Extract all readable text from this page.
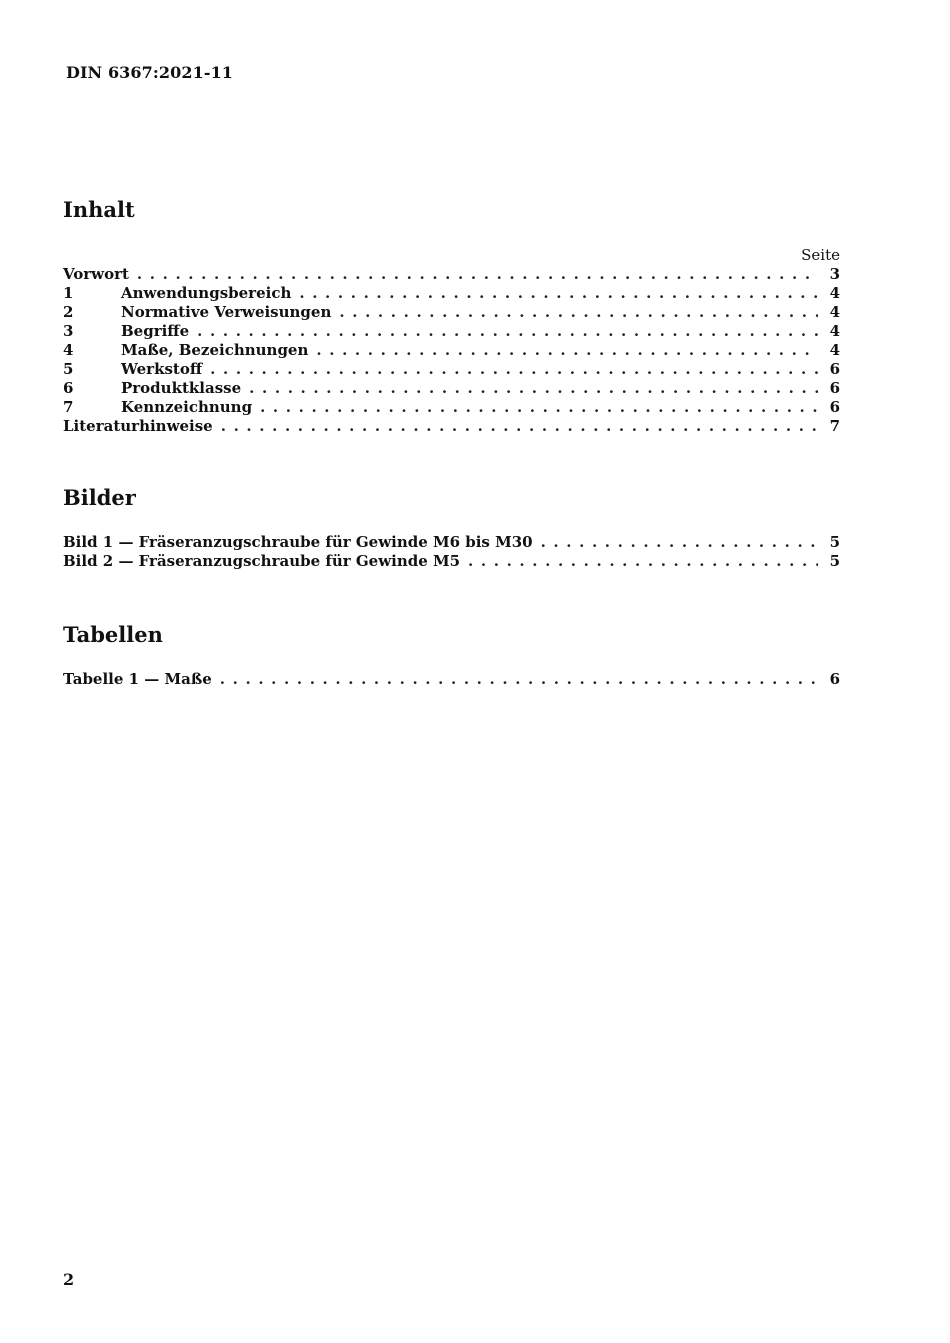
DIN 6367:2021-11
Inhalt
Seite
Vorwort . . .	3
1	Anwendungsbereich . . .	4
2	Normative Verweisungen . . .	4
3	Begriffe . . .	4
4	Maße, Bezeichnungen . . .	4
5	Werkstoff . . .	6
6	Produktklasse . . .	6
7	Kennzeichnung . . .	6
Literaturhinweise . . .	7
Bilder
Bild 1 — Fräseranzugschraube für Gewinde M6 bis M30 . . .	5
Bild 2 — Fräseranzugschraube für Gewinde M5 . . .	5
Tabellen
Tabelle 1 — Maße . . .	6
2
